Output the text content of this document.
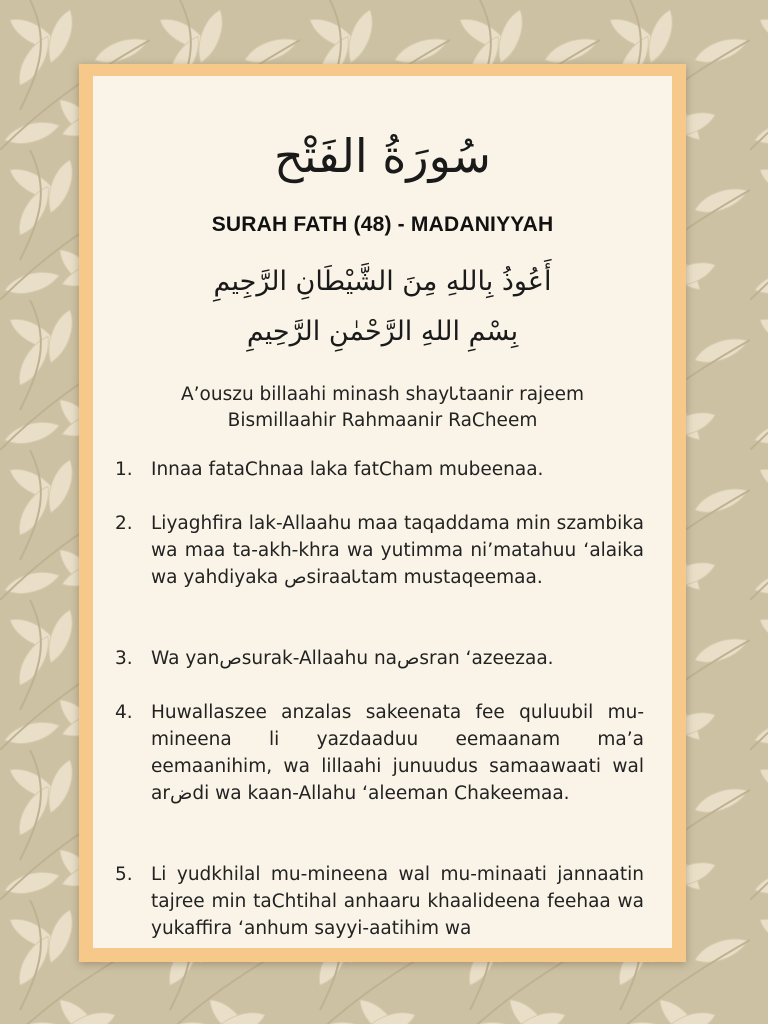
سُورَةُ الفَتْح
SURAH FATH (48) - MADANIYYAH
أَعُوذُ بِاللهِ مِنَ الشَّيْطَانِ الرَّجِيمِ
بِسْمِ اللهِ الرَّحْمٰنِ الرَّحِيمِ
A’ouꜱzu billaahi minash shayᏓtaanir rajeem
Bismillaahir Rahmaanir RaϹheem
1. Innaa fataϹhnaa laka fatϹham mubeenaa.
2. Liyaghfira lak-Allaahu maa taqaddama min ꜱzambika wa maa ta-akh-khra wa yutimma ni’matahuu ‘alaika wa yahdiyaka صsiraaᏓtam mustaqeemaa.
3. Wa yanصsurak-Allaahu naصsran ‘azeezaa.
4. Huwallaꜱzee anzalas sakeenata fee quluubil mu-mineena li yazdaaduu eemaanam ma’a eemaanihim, wa lillaahi junuudus samaawaati wal arضdi wa kaan-Allahu ‘aleeman Ϲhakeemaa.
5. Li yudkhilal mu-mineena wal mu-minaati jannaatin tajree min taϹhtihal anhaaru khaalideena feehaa wa yukaffira ‘anhum sayyi-aatihim wa
